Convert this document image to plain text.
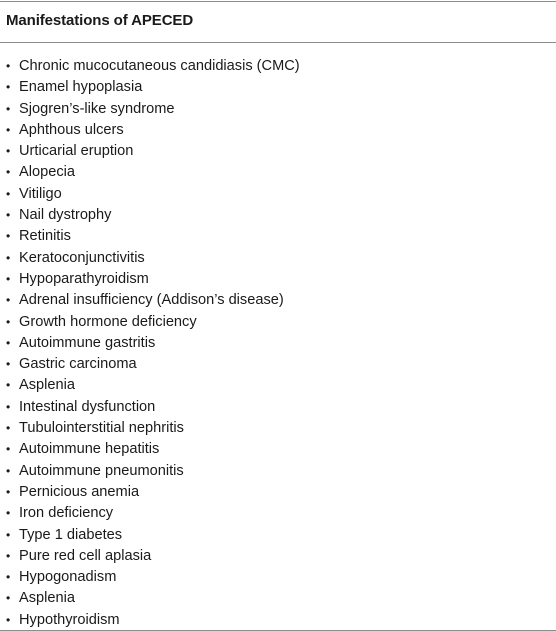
Manifestations of APECED
• Chronic mucocutaneous candidiasis (CMC)
• Enamel hypoplasia
• Sjogren’s-like syndrome
• Aphthous ulcers
• Urticarial eruption
• Alopecia
• Vitiligo
• Nail dystrophy
• Retinitis
• Keratoconjunctivitis
• Hypoparathyroidism
• Adrenal insufficiency (Addison’s disease)
• Growth hormone deficiency
• Autoimmune gastritis
• Gastric carcinoma
• Asplenia
• Intestinal dysfunction
• Tubulointerstitial nephritis
• Autoimmune hepatitis
• Autoimmune pneumonitis
• Pernicious anemia
• Iron deficiency
• Type 1 diabetes
• Pure red cell aplasia
• Hypogonadism
• Asplenia
• Hypothyroidism
